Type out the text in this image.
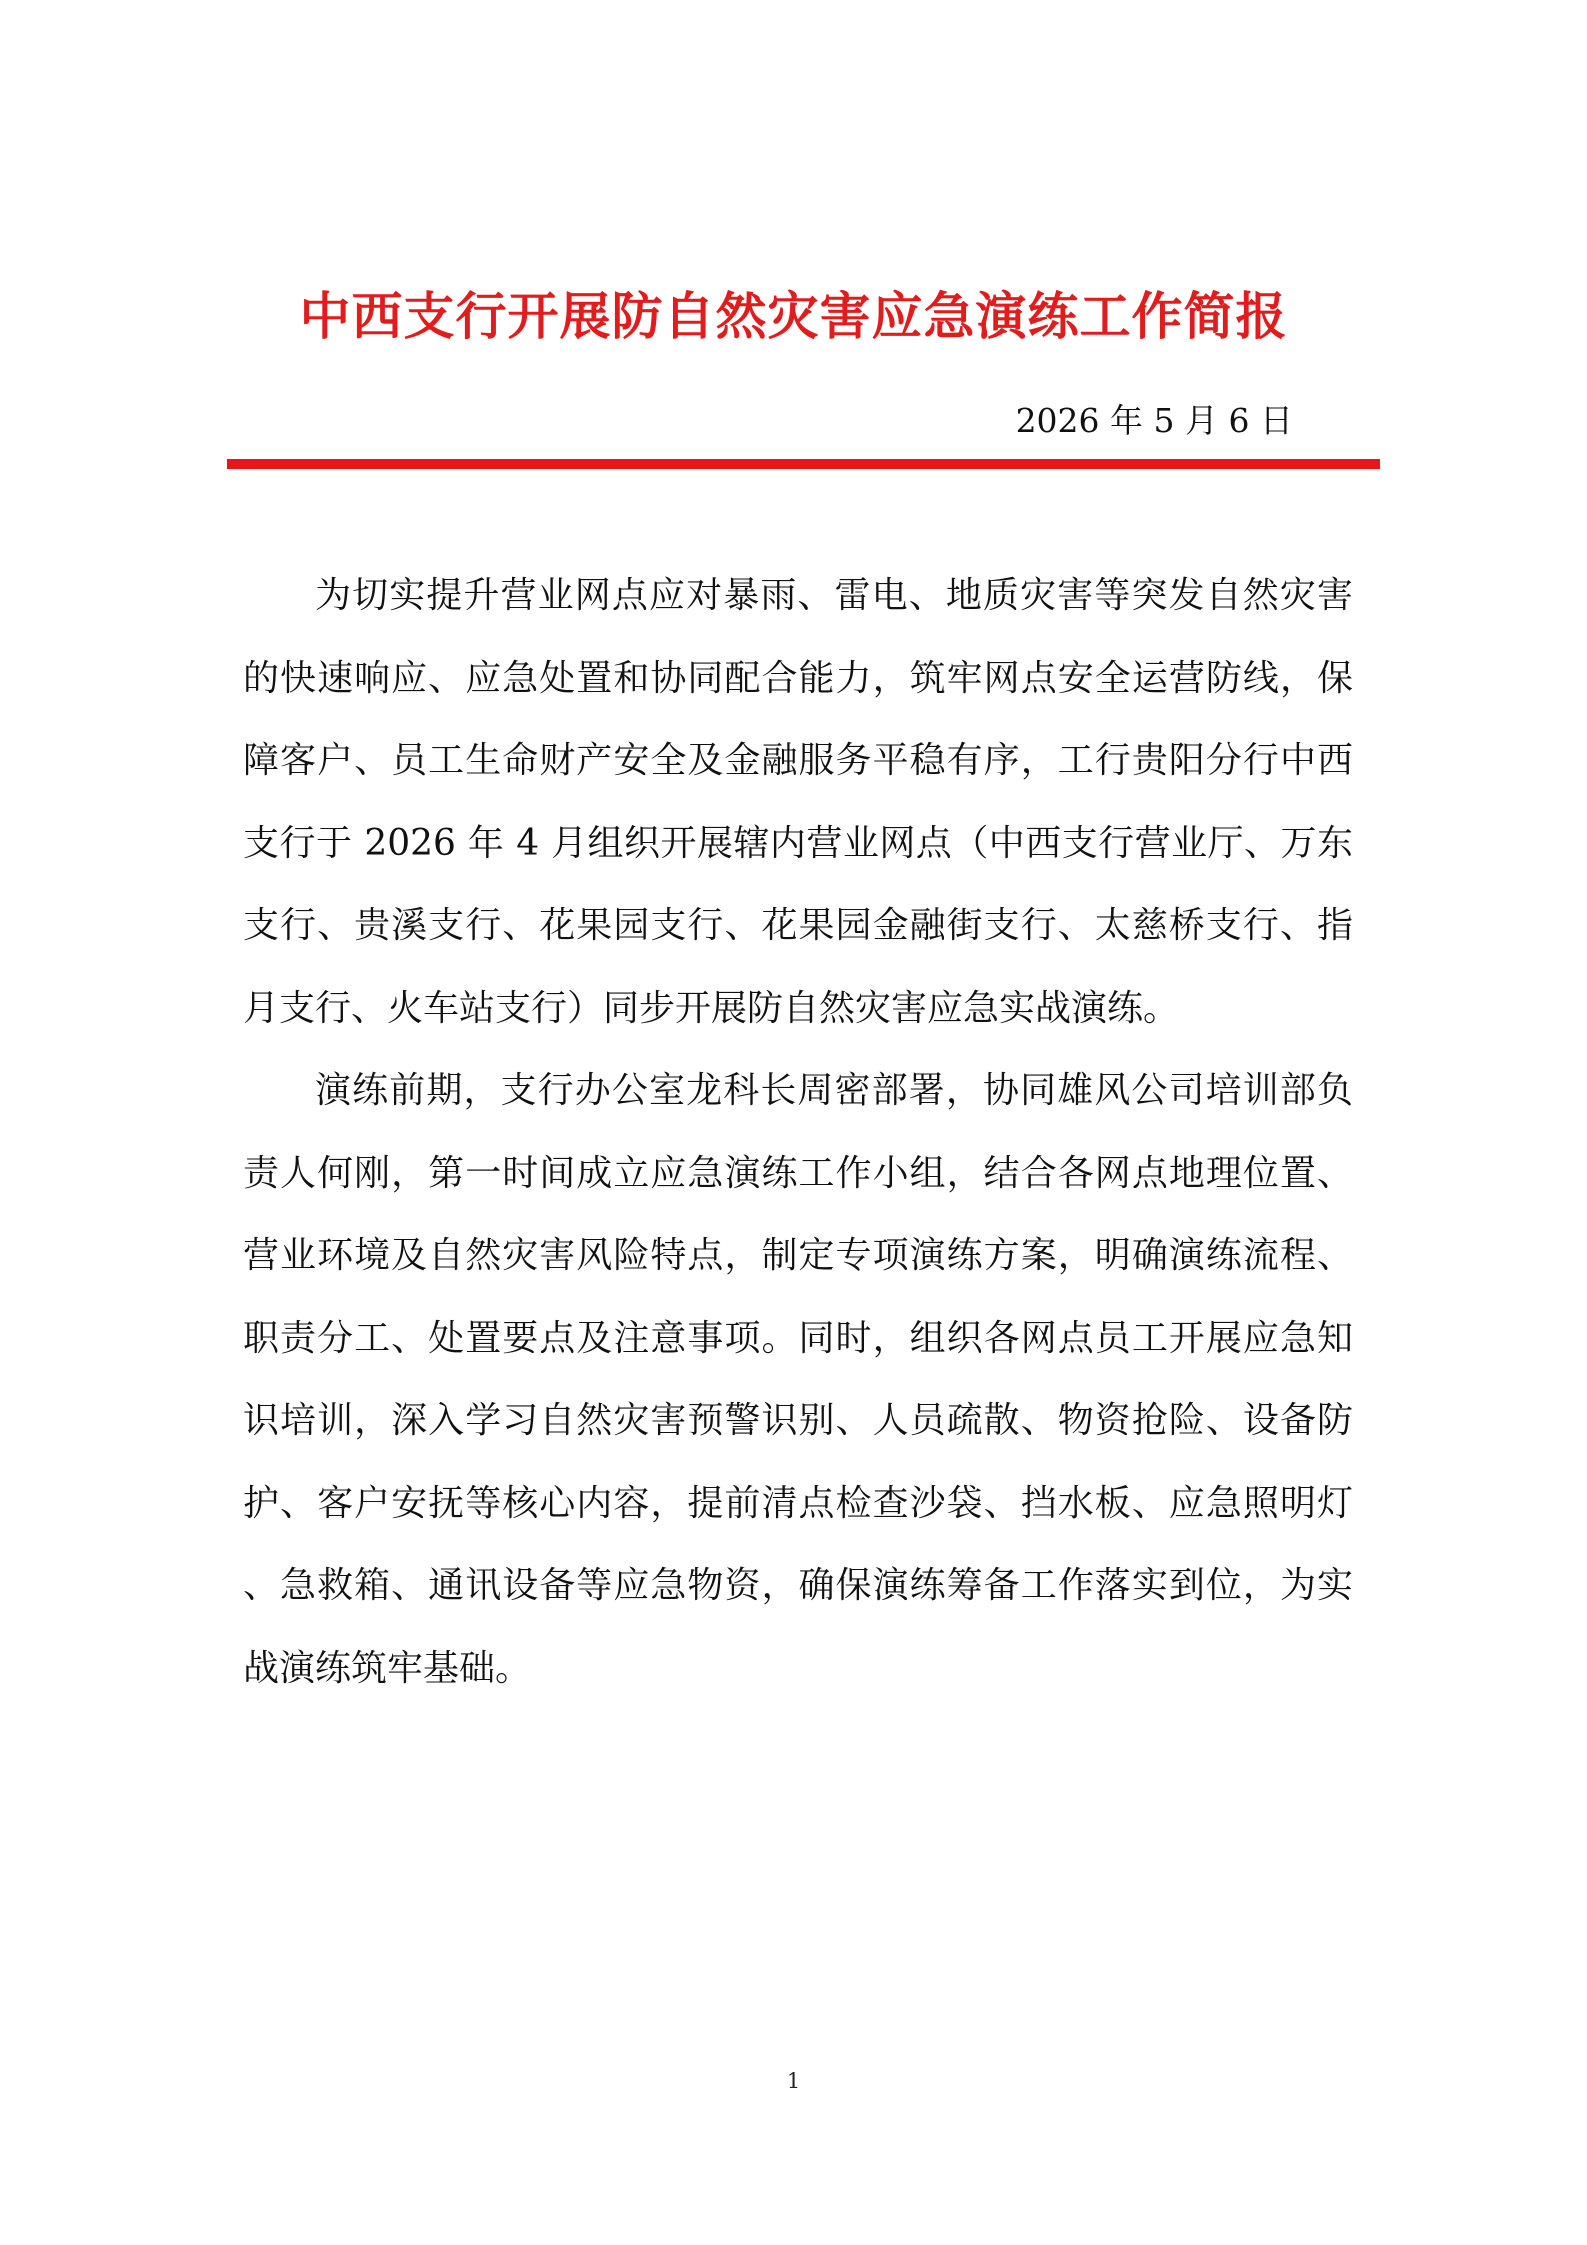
中西支行开展防自然灾害应急演练工作简报
2026 年 5 月 6 日

为切实提升营业网点应对暴雨、雷电、地质灾害等突发自然灾害的快速响应、应急处置和协同配合能力，筑牢网点安全运营防线，保障客户、员工生命财产安全及金融服务平稳有序，工行贵阳分行中西支行于 2026 年 4 月组织开展辖内营业网点（中西支行营业厅、万东支行、贵溪支行、花果园支行、花果园金融街支行、太慈桥支行、指月支行、火车站支行）同步开展防自然灾害应急实战演练。

演练前期，支行办公室龙科长周密部署，协同雄风公司培训部负责人何刚，第一时间成立应急演练工作小组，结合各网点地理位置、营业环境及自然灾害风险特点，制定专项演练方案，明确演练流程、职责分工、处置要点及注意事项。同时，组织各网点员工开展应急知识培训，深入学习自然灾害预警识别、人员疏散、物资抢险、设备防护、客户安抚等核心内容，提前清点检查沙袋、挡水板、应急照明灯、急救箱、通讯设备等应急物资，确保演练筹备工作落实到位，为实战演练筑牢基础。

1
